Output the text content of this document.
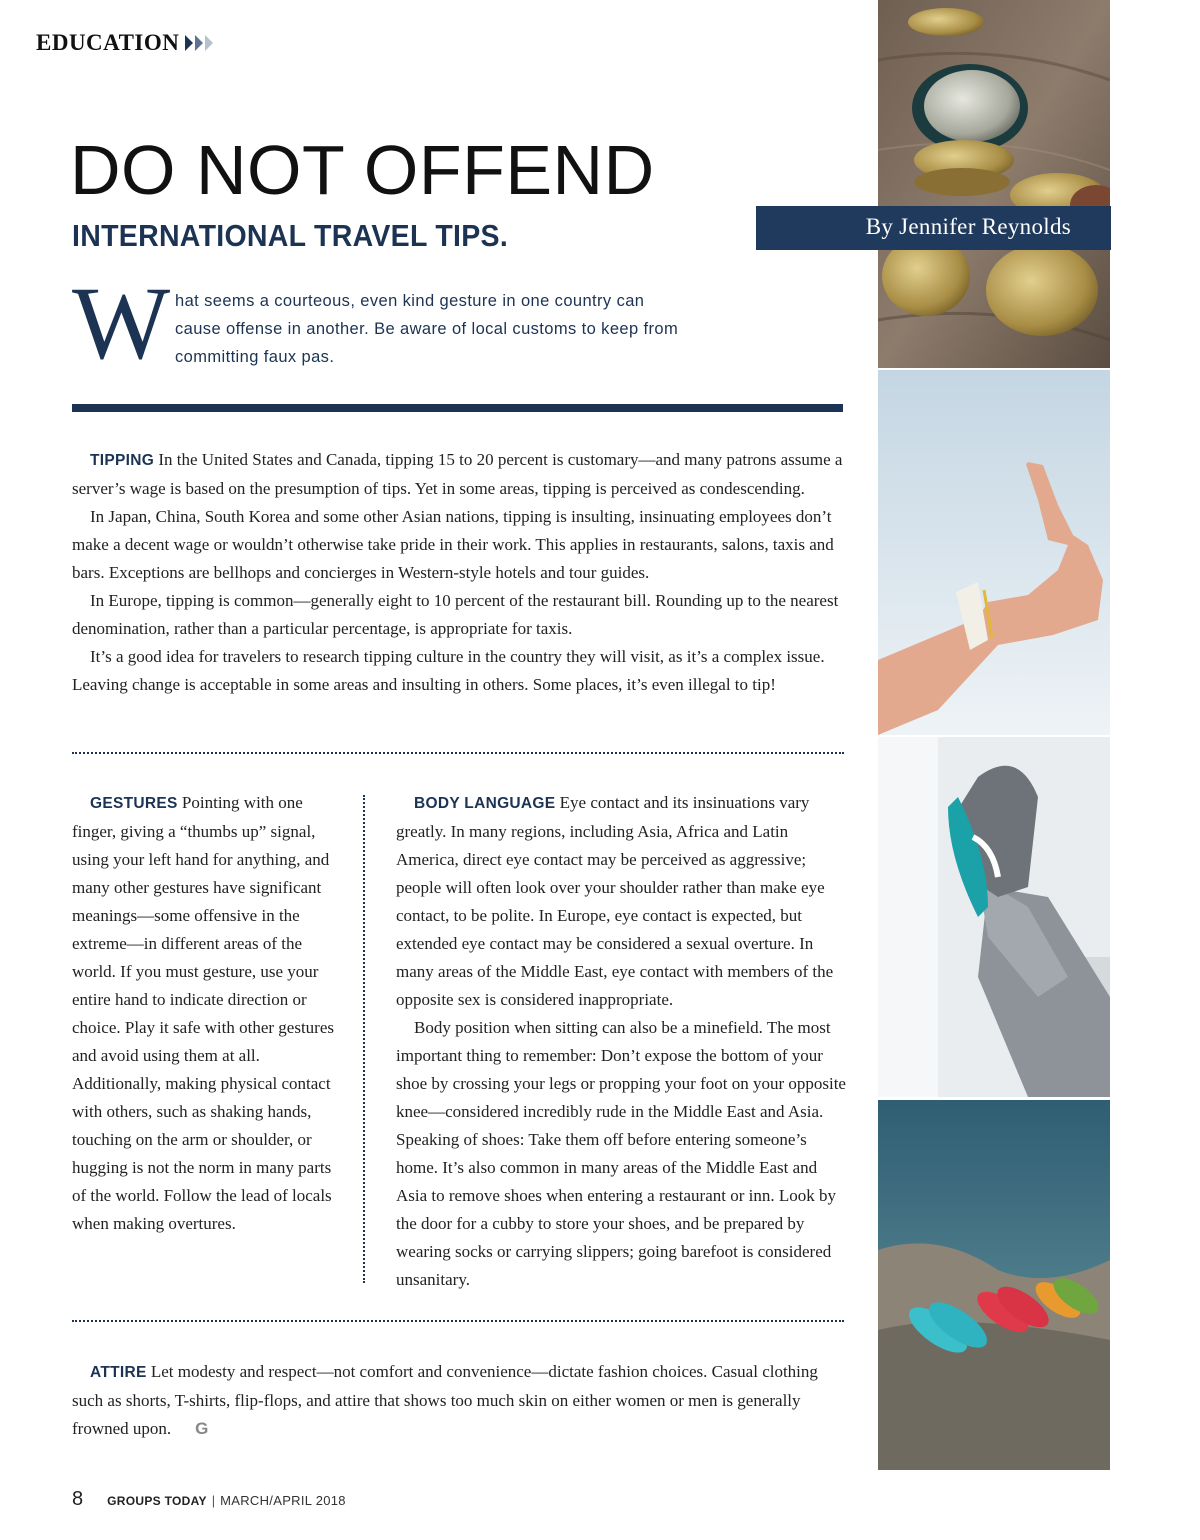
EDUCATION
DO NOT OFFEND
INTERNATIONAL TRAVEL TIPS.	By Jennifer Reynolds
W hat seems a courteous, even kind gesture in one country can cause offense in another. Be aware of local customs to keep from committing faux pas.

TIPPING In the United States and Canada, tipping 15 to 20 percent is customary—and many patrons assume a server’s wage is based on the presumption of tips. Yet in some areas, tipping is perceived as condescending.

In Japan, China, South Korea and some other Asian nations, tipping is insulting, insinuating employees don’t make a decent wage or wouldn’t otherwise take pride in their work. This applies in restaurants, salons, taxis and bars. Exceptions are bellhops and concierges in Western-style hotels and tour guides.

In Europe, tipping is common—generally eight to 10 percent of the restaurant bill. Rounding up to the nearest denomination, rather than a particular percentage, is appropriate for taxis.

It’s a good idea for travelers to research tipping culture in the country they will visit, as it’s a complex issue. Leaving change is acceptable in some areas and insulting in others. Some places, it’s even illegal to tip!

GESTURES Pointing with one finger, giving a “thumbs up” signal, using your left hand for anything, and many other gestures have significant meanings—some offensive in the extreme—in different areas of the world. If you must gesture, use your entire hand to indicate direction or choice. Play it safe with other gestures and avoid using them at all. Additionally, making physical contact with others, such as shaking hands, touching on the arm or shoulder, or hugging is not the norm in many parts of the world. Follow the lead of locals when making overtures.

BODY LANGUAGE Eye contact and its insinuations vary greatly. In many regions, including Asia, Africa and Latin America, direct eye contact may be perceived as aggressive; people will often look over your shoulder rather than make eye contact, to be polite. In Europe, eye contact is expected, but extended eye contact may be considered a sexual overture. In many areas of the Middle East, eye contact with members of the opposite sex is considered inappropriate.

Body position when sitting can also be a minefield. The most important thing to remember: Don’t expose the bottom of your shoe by crossing your legs or propping your foot on your opposite knee—considered incredibly rude in the Middle East and Asia. Speaking of shoes: Take them off before entering someone’s home. It’s also common in many areas of the Middle East and Asia to remove shoes when entering a restaurant or inn. Look by the door for a cubby to store your shoes, and be prepared by wearing socks or carrying slippers; going barefoot is considered unsanitary.

ATTIRE Let modesty and respect—not comfort and convenience—dictate fashion choices. Casual clothing such as shorts, T-shirts, flip-flops, and attire that shows too much skin on either women or men is generally frowned upon. G

8 GROUPS TODAY | MARCH/APRIL 2018
